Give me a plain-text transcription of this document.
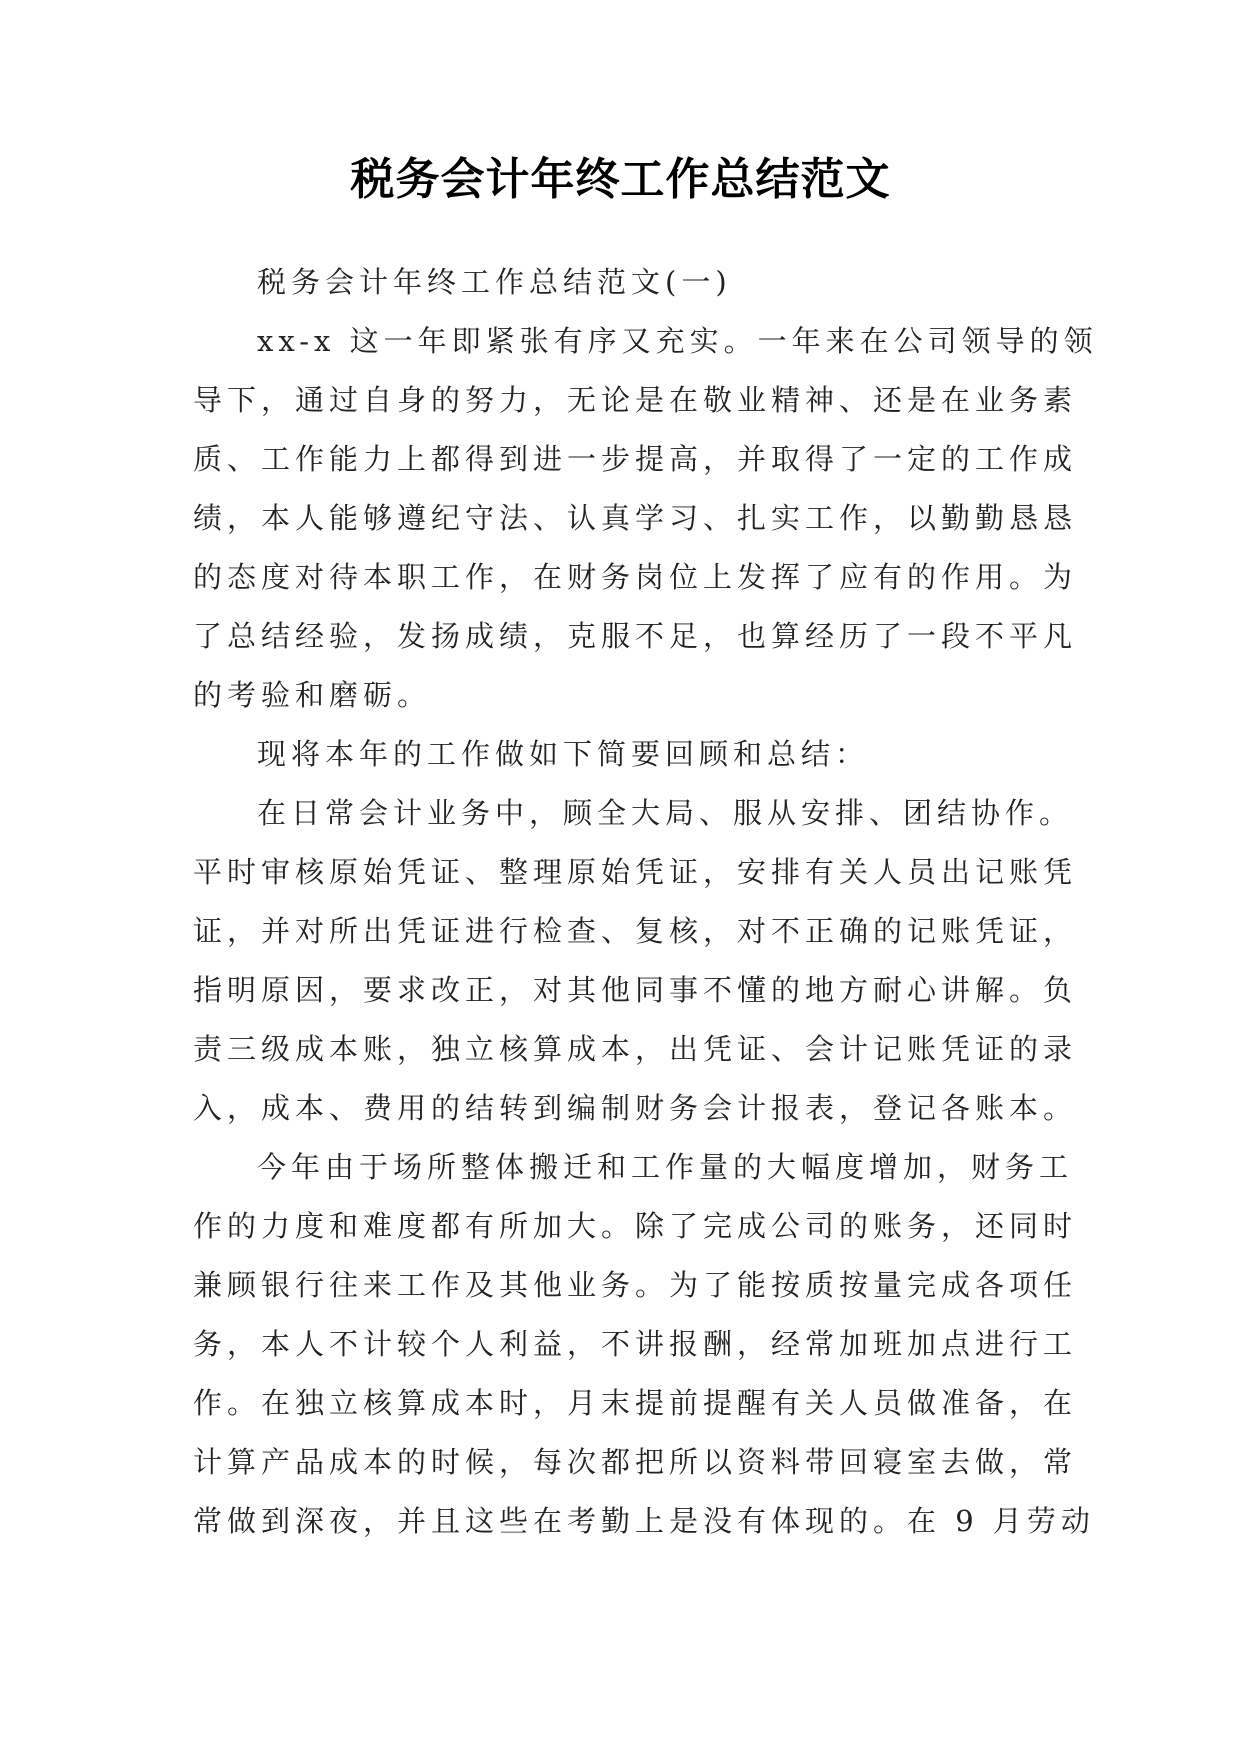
税务会计年终工作总结范文
税务会计年终工作总结范文(一)
xx-x 这一年即紧张有序又充实。一年来在公司领导的领
导下，通过自身的努力，无论是在敬业精神、还是在业务素
质、工作能力上都得到进一步提高，并取得了一定的工作成
绩，本人能够遵纪守法、认真学习、扎实工作，以勤勤恳恳
的态度对待本职工作，在财务岗位上发挥了应有的作用。为
了总结经验，发扬成绩，克服不足，也算经历了一段不平凡
的考验和磨砺。
现将本年的工作做如下简要回顾和总结：
在日常会计业务中，顾全大局、服从安排、团结协作。
平时审核原始凭证、整理原始凭证，安排有关人员出记账凭
证，并对所出凭证进行检查、复核，对不正确的记账凭证，
指明原因，要求改正，对其他同事不懂的地方耐心讲解。负
责三级成本账，独立核算成本，出凭证、会计记账凭证的录
入，成本、费用的结转到编制财务会计报表，登记各账本。
今年由于场所整体搬迁和工作量的大幅度增加，财务工
作的力度和难度都有所加大。除了完成公司的账务，还同时
兼顾银行往来工作及其他业务。为了能按质按量完成各项任
务，本人不计较个人利益，不讲报酬，经常加班加点进行工
作。在独立核算成本时，月末提前提醒有关人员做准备，在
计算产品成本的时候，每次都把所以资料带回寝室去做，常
常做到深夜，并且这些在考勤上是没有体现的。在 9 月劳动
